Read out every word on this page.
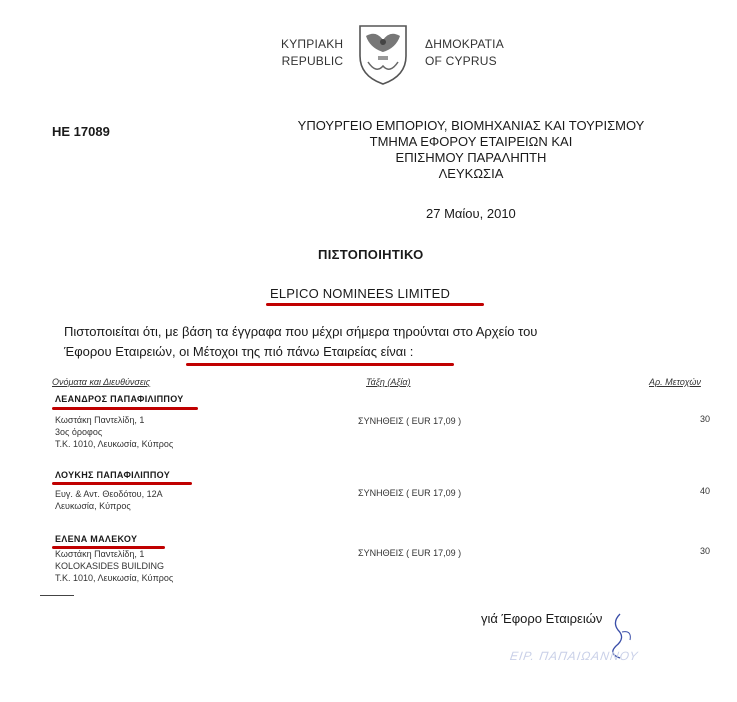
ΚΥΠΡΙΑΚΗ
REPUBLIC
ΔΗΜΟΚΡΑΤΙΑ
OF CYPRUS
ΗΕ 17089	ΥΠΟΥΡΓΕΙΟ ΕΜΠΟΡΙΟΥ, ΒΙΟΜΗΧΑΝΙΑΣ ΚΑΙ ΤΟΥΡΙΣΜΟΥ
ΤΜΗΜΑ ΕΦΟΡΟΥ ΕΤΑΙΡΕΙΩΝ ΚΑΙ
ΕΠΙΣΗΜΟΥ ΠΑΡΑΛΗΠΤΗ
ΛΕΥΚΩΣΙΑ
27 Μαίου, 2010
ΠΙΣΤΟΠΟΙΗΤΙΚΟ
ELPICO NOMINEES LIMITED
Πιστοποιείται ότι, με βάση τα έγγραφα που μέχρι σήμερα τηρούνται στο Αρχείο του
Έφορου Εταιρειών, οι Μέτοχοι της πιό πάνω Εταιρείας είναι :
Ονόματα και Διευθύνσεις	Τάξη (Αξία)	Αρ. Μετοχών
ΛΕΑΝΔΡΟΣ ΠΑΠΑΦΙΛΙΠΠΟΥ
Κωστάκη Παντελίδη, 1
3ος όροφος
Τ.Κ. 1010, Λευκωσία, Κύπρος
ΣΥΝΗΘΕΙΣ ( EUR 17,09 )	30
ΛΟΥΚΗΣ ΠΑΠΑΦΙΛΙΠΠΟΥ
Ευγ. & Αντ. Θεοδότου, 12Α
Λευκωσία, Κύπρος
ΣΥΝΗΘΕΙΣ ( EUR 17,09 )	40
ΕΛΕΝΑ ΜΑΛΕΚΟΥ
Κωστάκη Παντελίδη, 1
KOLOKASIDES BUILDING
Τ.Κ. 1010, Λευκωσία, Κύπρος
ΣΥΝΗΘΕΙΣ ( EUR 17,09 )	30
γιά Έφορο Εταιρειών
ΕΙΡ. ΠΑΠΑΙΩΑΝΝΟΥ
